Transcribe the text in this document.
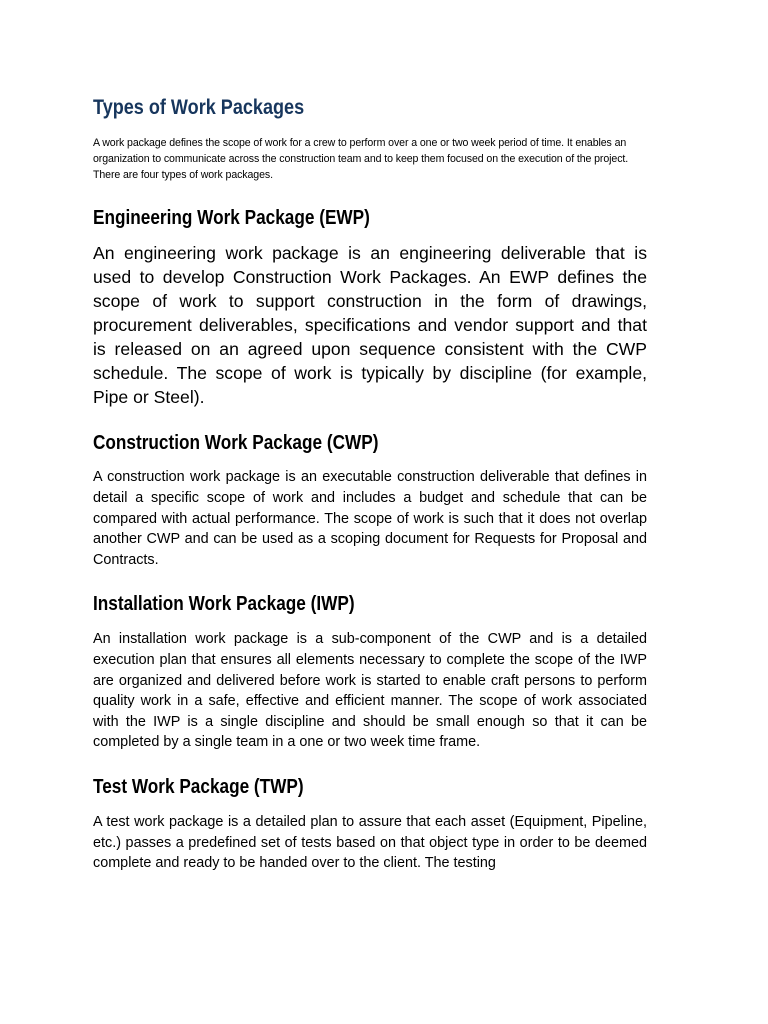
Types of Work Packages

A work package defines the scope of work for a crew to perform over a one or two week period of time. It enables an organization to communicate across the construction team and to keep them focused on the execution of the project. There are four types of work packages.

Engineering Work Package (EWP)

An engineering work package is an engineering deliverable that is used to develop Construction Work Packages. An EWP defines the scope of work to support construction in the form of drawings, procurement deliverables, specifications and vendor support and that is released on an agreed upon sequence consistent with the CWP schedule. The scope of work is typically by discipline (for example, Pipe or Steel).

Construction Work Package (CWP)

A construction work package is an executable construction deliverable that defines in detail a specific scope of work and includes a budget and schedule that can be compared with actual performance. The scope of work is such that it does not overlap another CWP and can be used as a scoping document for Requests for Proposal and Contracts.

Installation Work Package (IWP)

An installation work package is a sub-component of the CWP and is a detailed execution plan that ensures all elements necessary to complete the scope of the IWP are organized and delivered before work is started to enable craft persons to perform quality work in a safe, effective and efficient manner. The scope of work associated with the IWP is a single discipline and should be small enough so that it can be completed by a single team in a one or two week time frame.

Test Work Package (TWP)

A test work package is a detailed plan to assure that each asset (Equipment, Pipeline, etc.) passes a predefined set of tests based on that object type in order to be deemed complete and ready to be handed over to the client. The testing
